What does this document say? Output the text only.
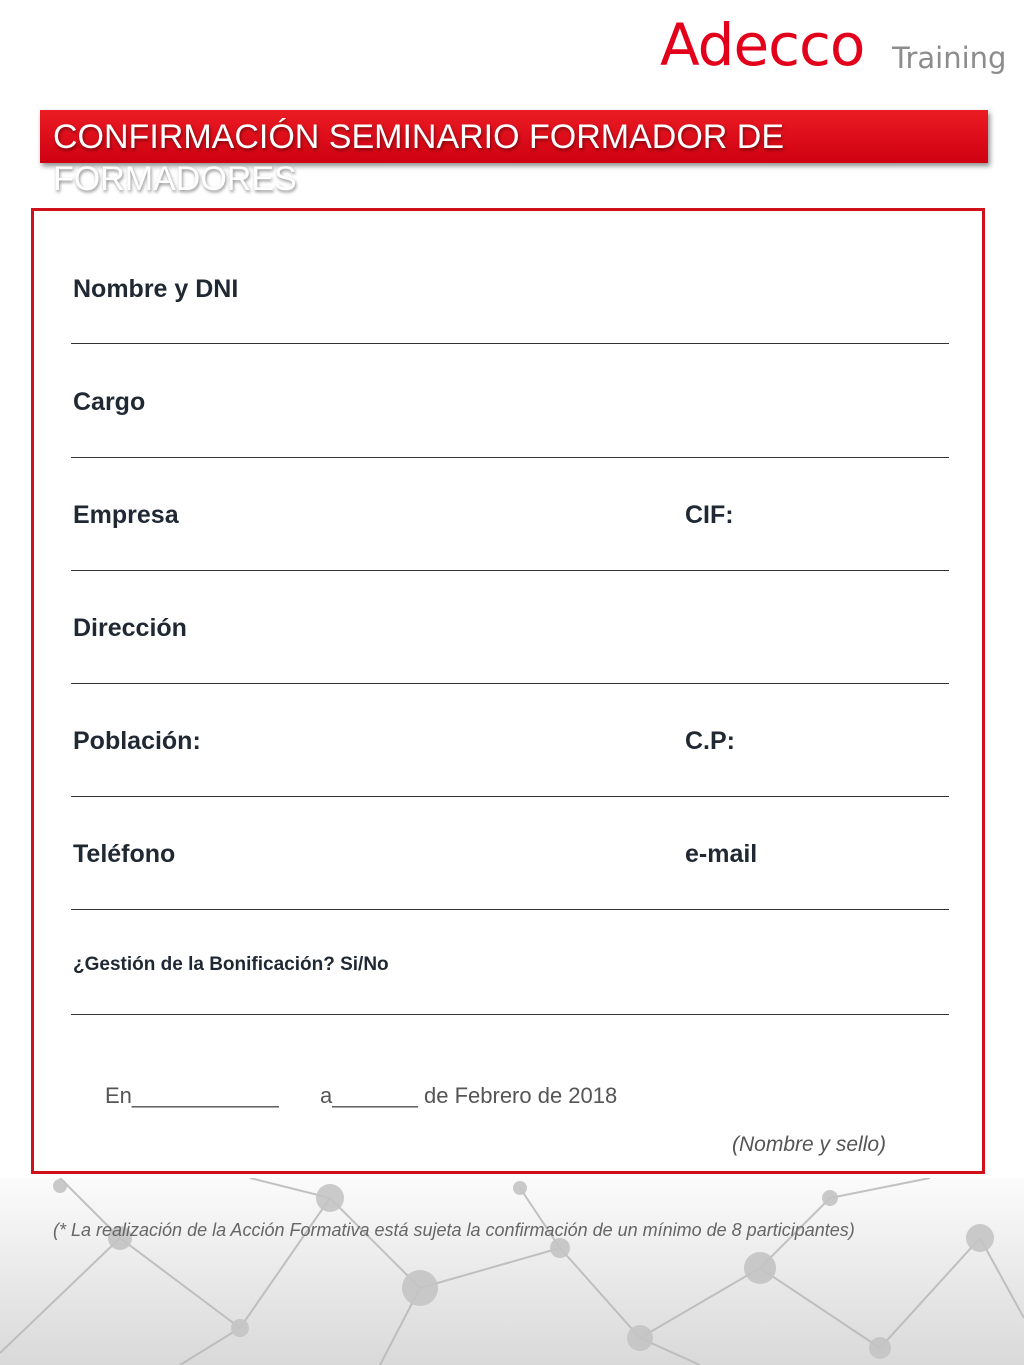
Adecco Training
CONFIRMACIÓN SEMINARIO FORMADOR DE FORMADORES
Nombre y DNI
Cargo
Empresa	CIF:
Dirección
Población:	C.P:
Teléfono	e-mail
¿Gestión de la Bonificación? Si/No
En____________ a_______ de Febrero de 2018
(Nombre y sello)
(* La realización de la Acción Formativa está sujeta la confirmación de un mínimo de 8 participantes)
